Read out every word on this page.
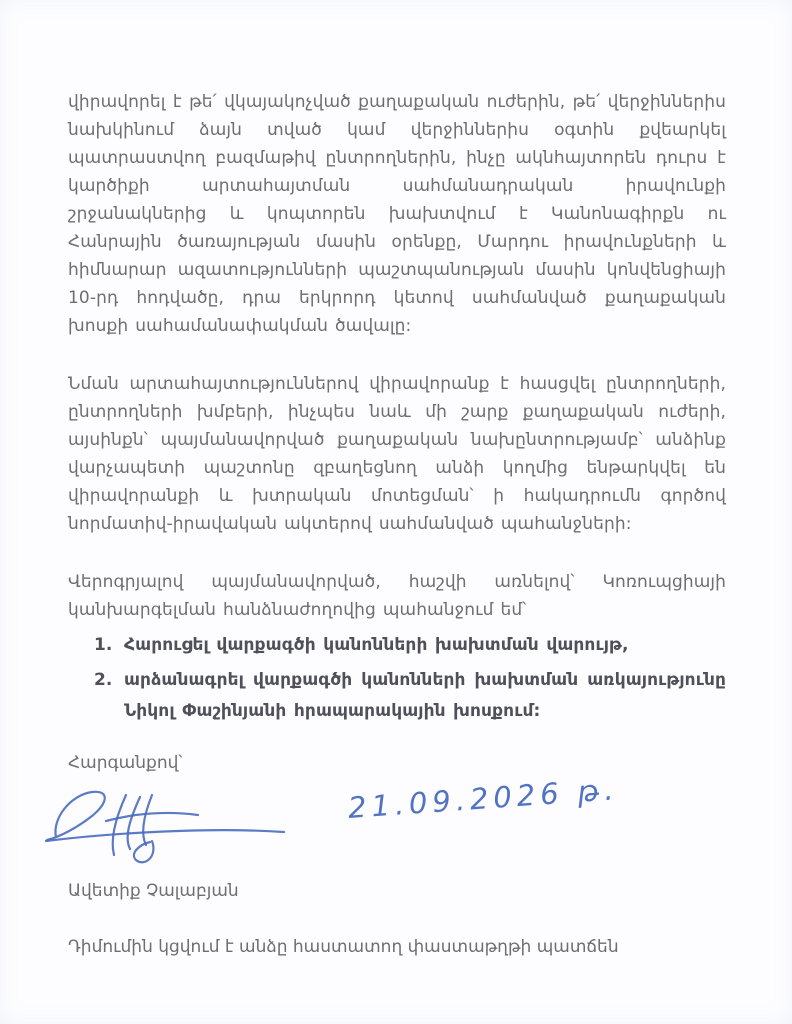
վիրավորել է թե՛ վկայակոչված քաղաքական ուժերին, թե՛ վերջիններիս նախկինում ձայն տված կամ վերջիններիս օգտին քվեարկել պատրաստվող բազմաթիվ ընտրողներին, ինչը ակնհայտորեն դուրս է կարծիքի արտահայտման սահմանադրական իրավունքի շրջանակներից և կոպտորեն խախտվում է Կանոնագիրքն ու Հանրային ծառայության մասին օրենքը, Մարդու իրավունքների և հիմնարար ազատությունների պաշտպանության մասին կոնվենցիայի 10-րդ հոդվածը, դրա երկրորդ կետով սահմանված քաղաքական խոսքի սահամանափակման ծավալը:

Նման արտահայտություններով վիրավորանք է հասցվել ընտրողների, ընտրողների խմբերի, ինչպես նաև մի շարք քաղաքական ուժերի, այսինքն՝ պայմանավորված քաղաքական նախընտրությամբ՝ անձինք վարչապետի պաշտոնը զբաղեցնող անձի կողմից ենթարկվել են վիրավորանքի և խտրական մոտեցման՝ ի հակադրումն գործով նորմատիվ-իրավական ակտերով սահմանված պահանջների:

Վերոգրյալով պայմանավորված, հաշվի առնելով՝ Կոռուպցիայի կանխարգելման հանձնաժողովից պահանջում եմ՝

1. Հարուցել վարքագծի կանոնների խախտման վարույթ,
2. արձանագրել վարքագծի կանոնների խախտման առկայությունը Նիկոլ Փաշինյանի հրապարակային խոսքում:

Հարգանքով՝

21.09.2026 թ.

Ավետիք Չալաբյան

Դիմումին կցվում է անձը հաստատող փաստաթղթի պատճեն
